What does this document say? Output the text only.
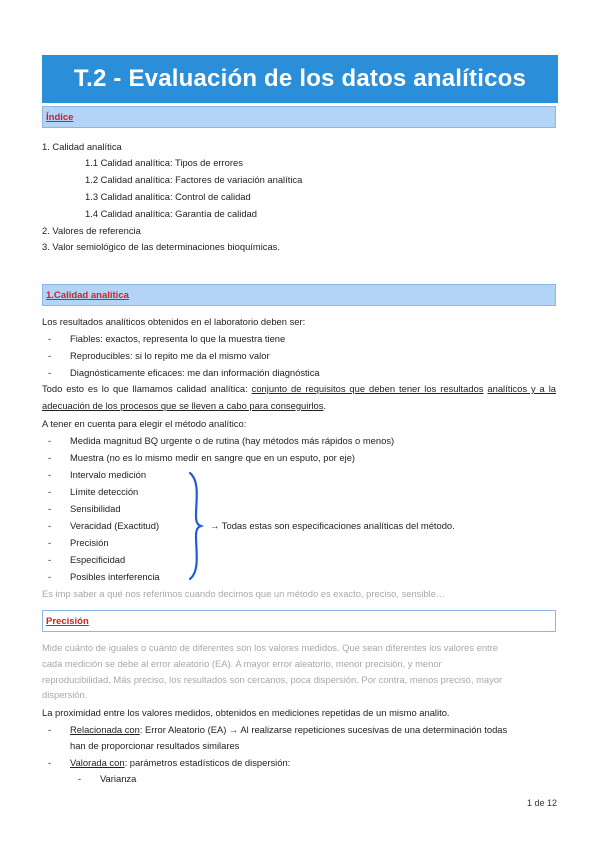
T.2 - Evaluación de los datos analíticos
Índice
1. Calidad analítica
1.1 Calidad analítica: Tipos de errores
1.2 Calidad analítica: Factores de variación analítica
1.3 Calidad analítica: Control de calidad
1.4 Calidad analítica: Garantía de calidad
2. Valores de referencia
3. Valor semiológico de las determinaciones bioquímicas.
1.Calidad analítica
Los resultados analíticos obtenidos en el laboratorio deben ser:
- Fiables: exactos, representa lo que la muestra tiene
- Reproducibles: si lo repito me da el mismo valor
- Diagnósticamente eficaces: me dan información diagnóstica
Todo esto es lo que llamamos calidad analítica: conjunto de requisitos que deben tener los resultados analíticos y a la adecuación de los procesos que se lleven a cabo para conseguirlos.
A tener en cuenta para elegir el método analítico:
- Medida magnitud BQ urgente o de rutina (hay métodos más rápidos o menos)
- Muestra (no es lo mismo medir en sangre que en un esputo, por eje)
- Intervalo medición
- Límite detección
- Sensibilidad
- Veracidad (Exactitud)
- Precisión
- Especificidad
- Posibles interferencia
→ Todas estas son especificaciones analíticas del método.
Es imp saber a qué nos referimos cuando decimos que un método es exacto, preciso, sensible…
Precisión
Mide cuánto de iguales o cuánto de diferentes son los valores medidos. Que sean diferentes los valores entre
cada medición se debe al error aleatorio (EA). A mayor error aleatorio, menor precisión, y menor
reproducibilidad. Más preciso, los resultados son cercanos, poca dispersión. Por contra, menos preciso, mayor
dispersión.
La proximidad entre los valores medidos, obtenidos en mediciones repetidas de un mismo analito.
- Relacionada con: Error Aleatorio (EA) → Al realizarse repeticiones sucesivas de una determinación todas
han de proporcionar resultados similares
- Valorada con: parámetros estadísticos de dispersión:
- Varianza
1 de 12
